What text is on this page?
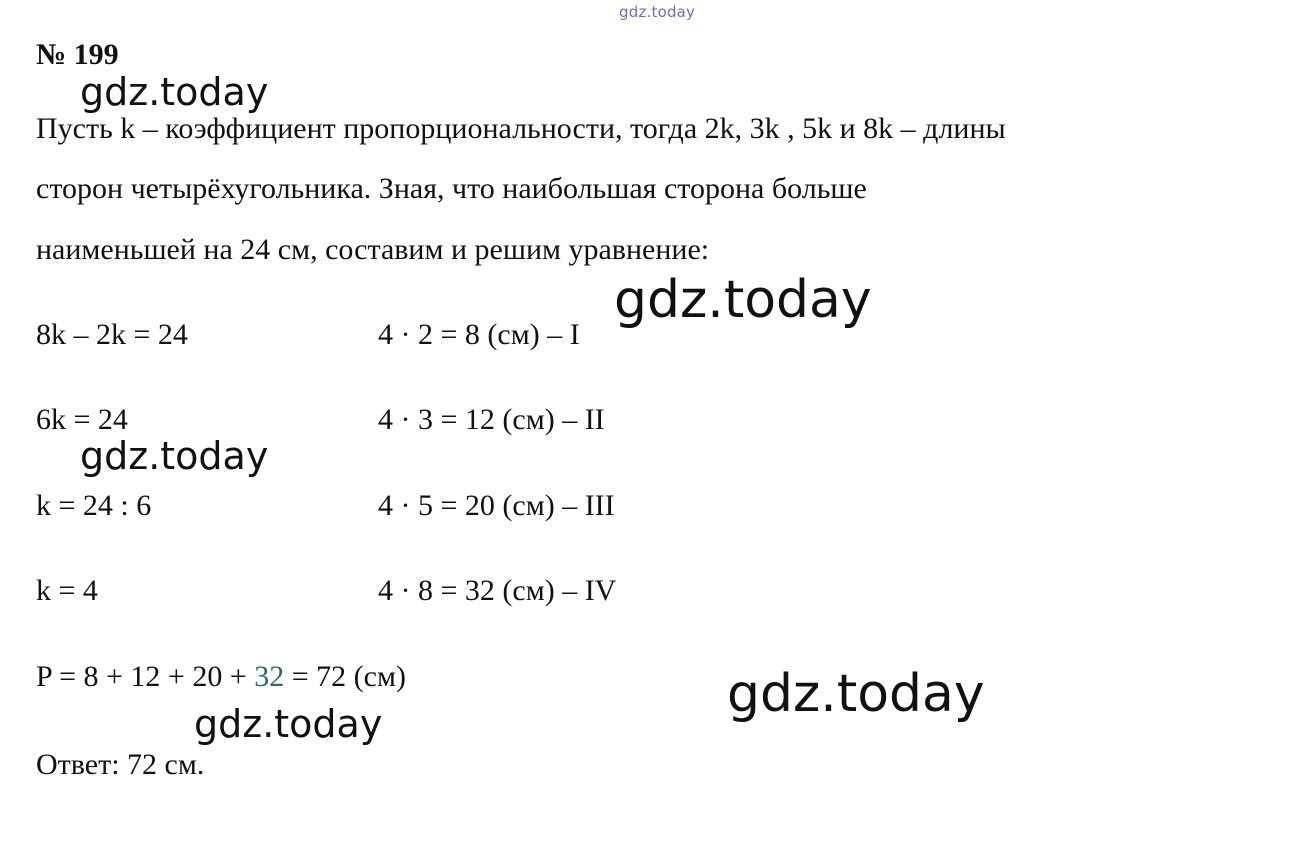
gdz.today
№ 199
gdz.today
Пусть k – коэффициент пропорциональности, тогда 2k, 3k , 5k и 8k – длины
сторон четырёхугольника. Зная, что наибольшая сторона больше
наименьшей на 24 см, составим и решим уравнение:
gdz.today
8k – 2k = 24
6k = 24
k = 24 : 6
k = 4
4 · 2 = 8 (см) – I
4 · 3 = 12 (см) – II
4 · 5 = 20 (см) – III
4 · 8 = 32 (см) – IV
gdz.today
P = 8 + 12 + 20 + 32 = 72 (см)	gdz.today
gdz.today
Ответ: 72 см.
